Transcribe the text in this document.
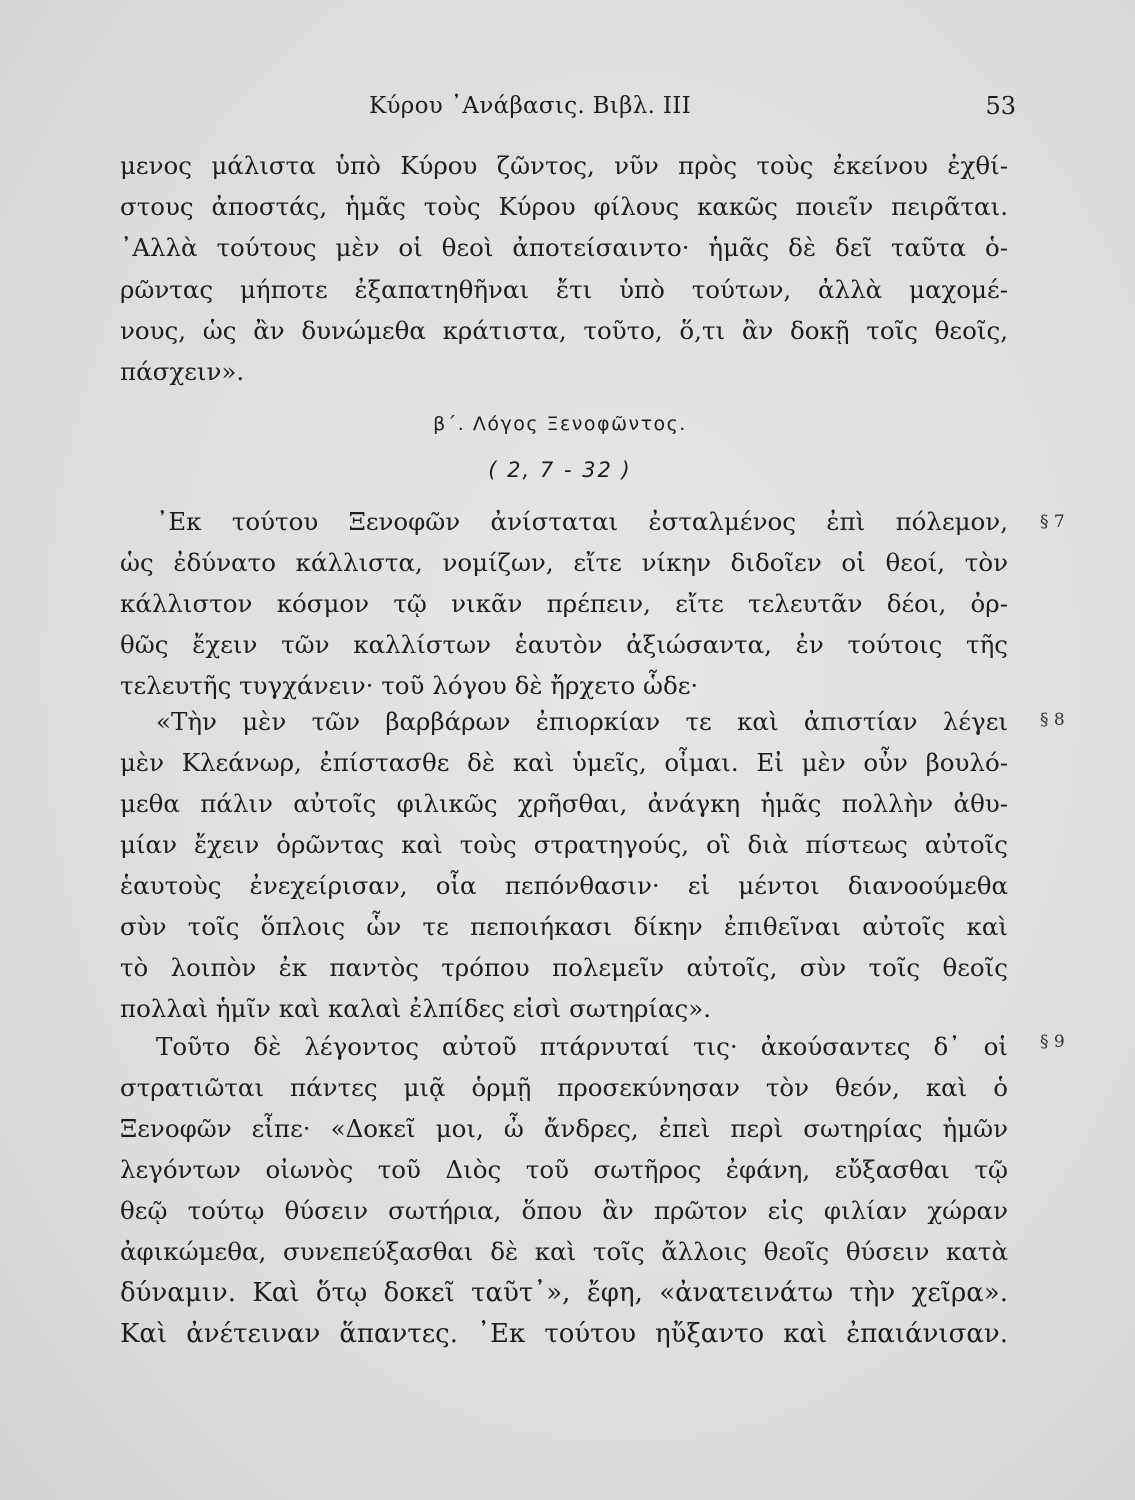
Κύρου ᾿Ανάβασις. Βιβλ. III	53
μενος μάλιστα ὑπὸ Κύρου ζῶντος, νῦν πρὸς τοὺς ἐκείνου ἐχθί-
στους ἀποστάς, ἡμᾶς τοὺς Κύρου φίλους κακῶς ποιεῖν πειρᾶται.
᾿Αλλὰ τούτους μὲν οἱ θεοὶ ἀποτείσαιντο· ἡμᾶς δὲ δεῖ ταῦτα ὁ-
ρῶντας μήποτε ἐξαπατηθῆναι ἔτι ὑπὸ τούτων, ἀλλὰ μαχομέ-
νους, ὡς ἂν δυνώμεθα κράτιστα, τοῦτο, ὅ,τι ἂν δοκῇ τοῖς θεοῖς,
πάσχειν».
β΄. Λόγος Ξενοφῶντος.
( 2, 7 - 32 )
᾿Εκ τούτου Ξενοφῶν ἀνίσταται ἐσταλμένος ἐπὶ πόλεμον,
ὡς ἐδύνατο κάλλιστα, νομίζων, εἴτε νίκην διδοῖεν οἱ θεοί, τὸν
κάλλιστον κόσμον τῷ νικᾶν πρέπειν, εἴτε τελευτᾶν δέοι, ὀρ-
θῶς ἔχειν τῶν καλλίστων ἑαυτὸν ἀξιώσαντα, ἐν τούτοις τῆς
τελευτῆς τυγχάνειν· τοῦ λόγου δὲ ἤρχετο ὧδε·
«Τὴν μὲν τῶν βαρβάρων ἐπιορκίαν τε καὶ ἀπιστίαν λέγει
μὲν Κλεάνωρ, ἐπίστασθε δὲ καὶ ὑμεῖς, οἶμαι. Εἰ μὲν οὖν βουλό-
μεθα πάλιν αὐτοῖς φιλικῶς χρῆσθαι, ἀνάγκη ἡμᾶς πολλὴν ἀθυ-
μίαν ἔχειν ὁρῶντας καὶ τοὺς στρατηγούς, οἳ διὰ πίστεως αὐτοῖς
ἑαυτοὺς ἐνεχείρισαν, οἷα πεπόνθασιν· εἰ μέντοι διανοούμεθα
σὺν τοῖς ὅπλοις ὧν τε πεποιήκασι δίκην ἐπιθεῖναι αὐτοῖς καὶ
τὸ λοιπὸν ἐκ παντὸς τρόπου πολεμεῖν αὐτοῖς, σὺν τοῖς θεοῖς
πολλαὶ ἡμῖν καὶ καλαὶ ἐλπίδες εἰσὶ σωτηρίας».
Τοῦτο δὲ λέγοντος αὐτοῦ πτάρνυταί τις· ἀκούσαντες δ᾿ οἱ
στρατιῶται πάντες μιᾷ ὁρμῇ προσεκύνησαν τὸν θεόν, καὶ ὁ
Ξενοφῶν εἶπε· «Δοκεῖ μοι, ὦ ἄνδρες, ἐπεὶ περὶ σωτηρίας ἡμῶν
λεγόντων οἰωνὸς τοῦ Διὸς τοῦ σωτῆρος ἐφάνη, εὔξασθαι τῷ
θεῷ τούτῳ θύσειν σωτήρια, ὅπου ἂν πρῶτον εἰς φιλίαν χώραν
ἀφικώμεθα, συνεπεύξασθαι δὲ καὶ τοῖς ἄλλοις θεοῖς θύσειν κατὰ
δύναμιν. Καὶ ὅτῳ δοκεῖ ταῦτ᾿», ἔφη, «ἀνατεινάτω τὴν χεῖρα».
Καὶ ἀνέτειναν ἅπαντες. ᾿Εκ τούτου ηὔξαντο καὶ ἐπαιάνισαν.
§ 7
§ 8
§ 9
